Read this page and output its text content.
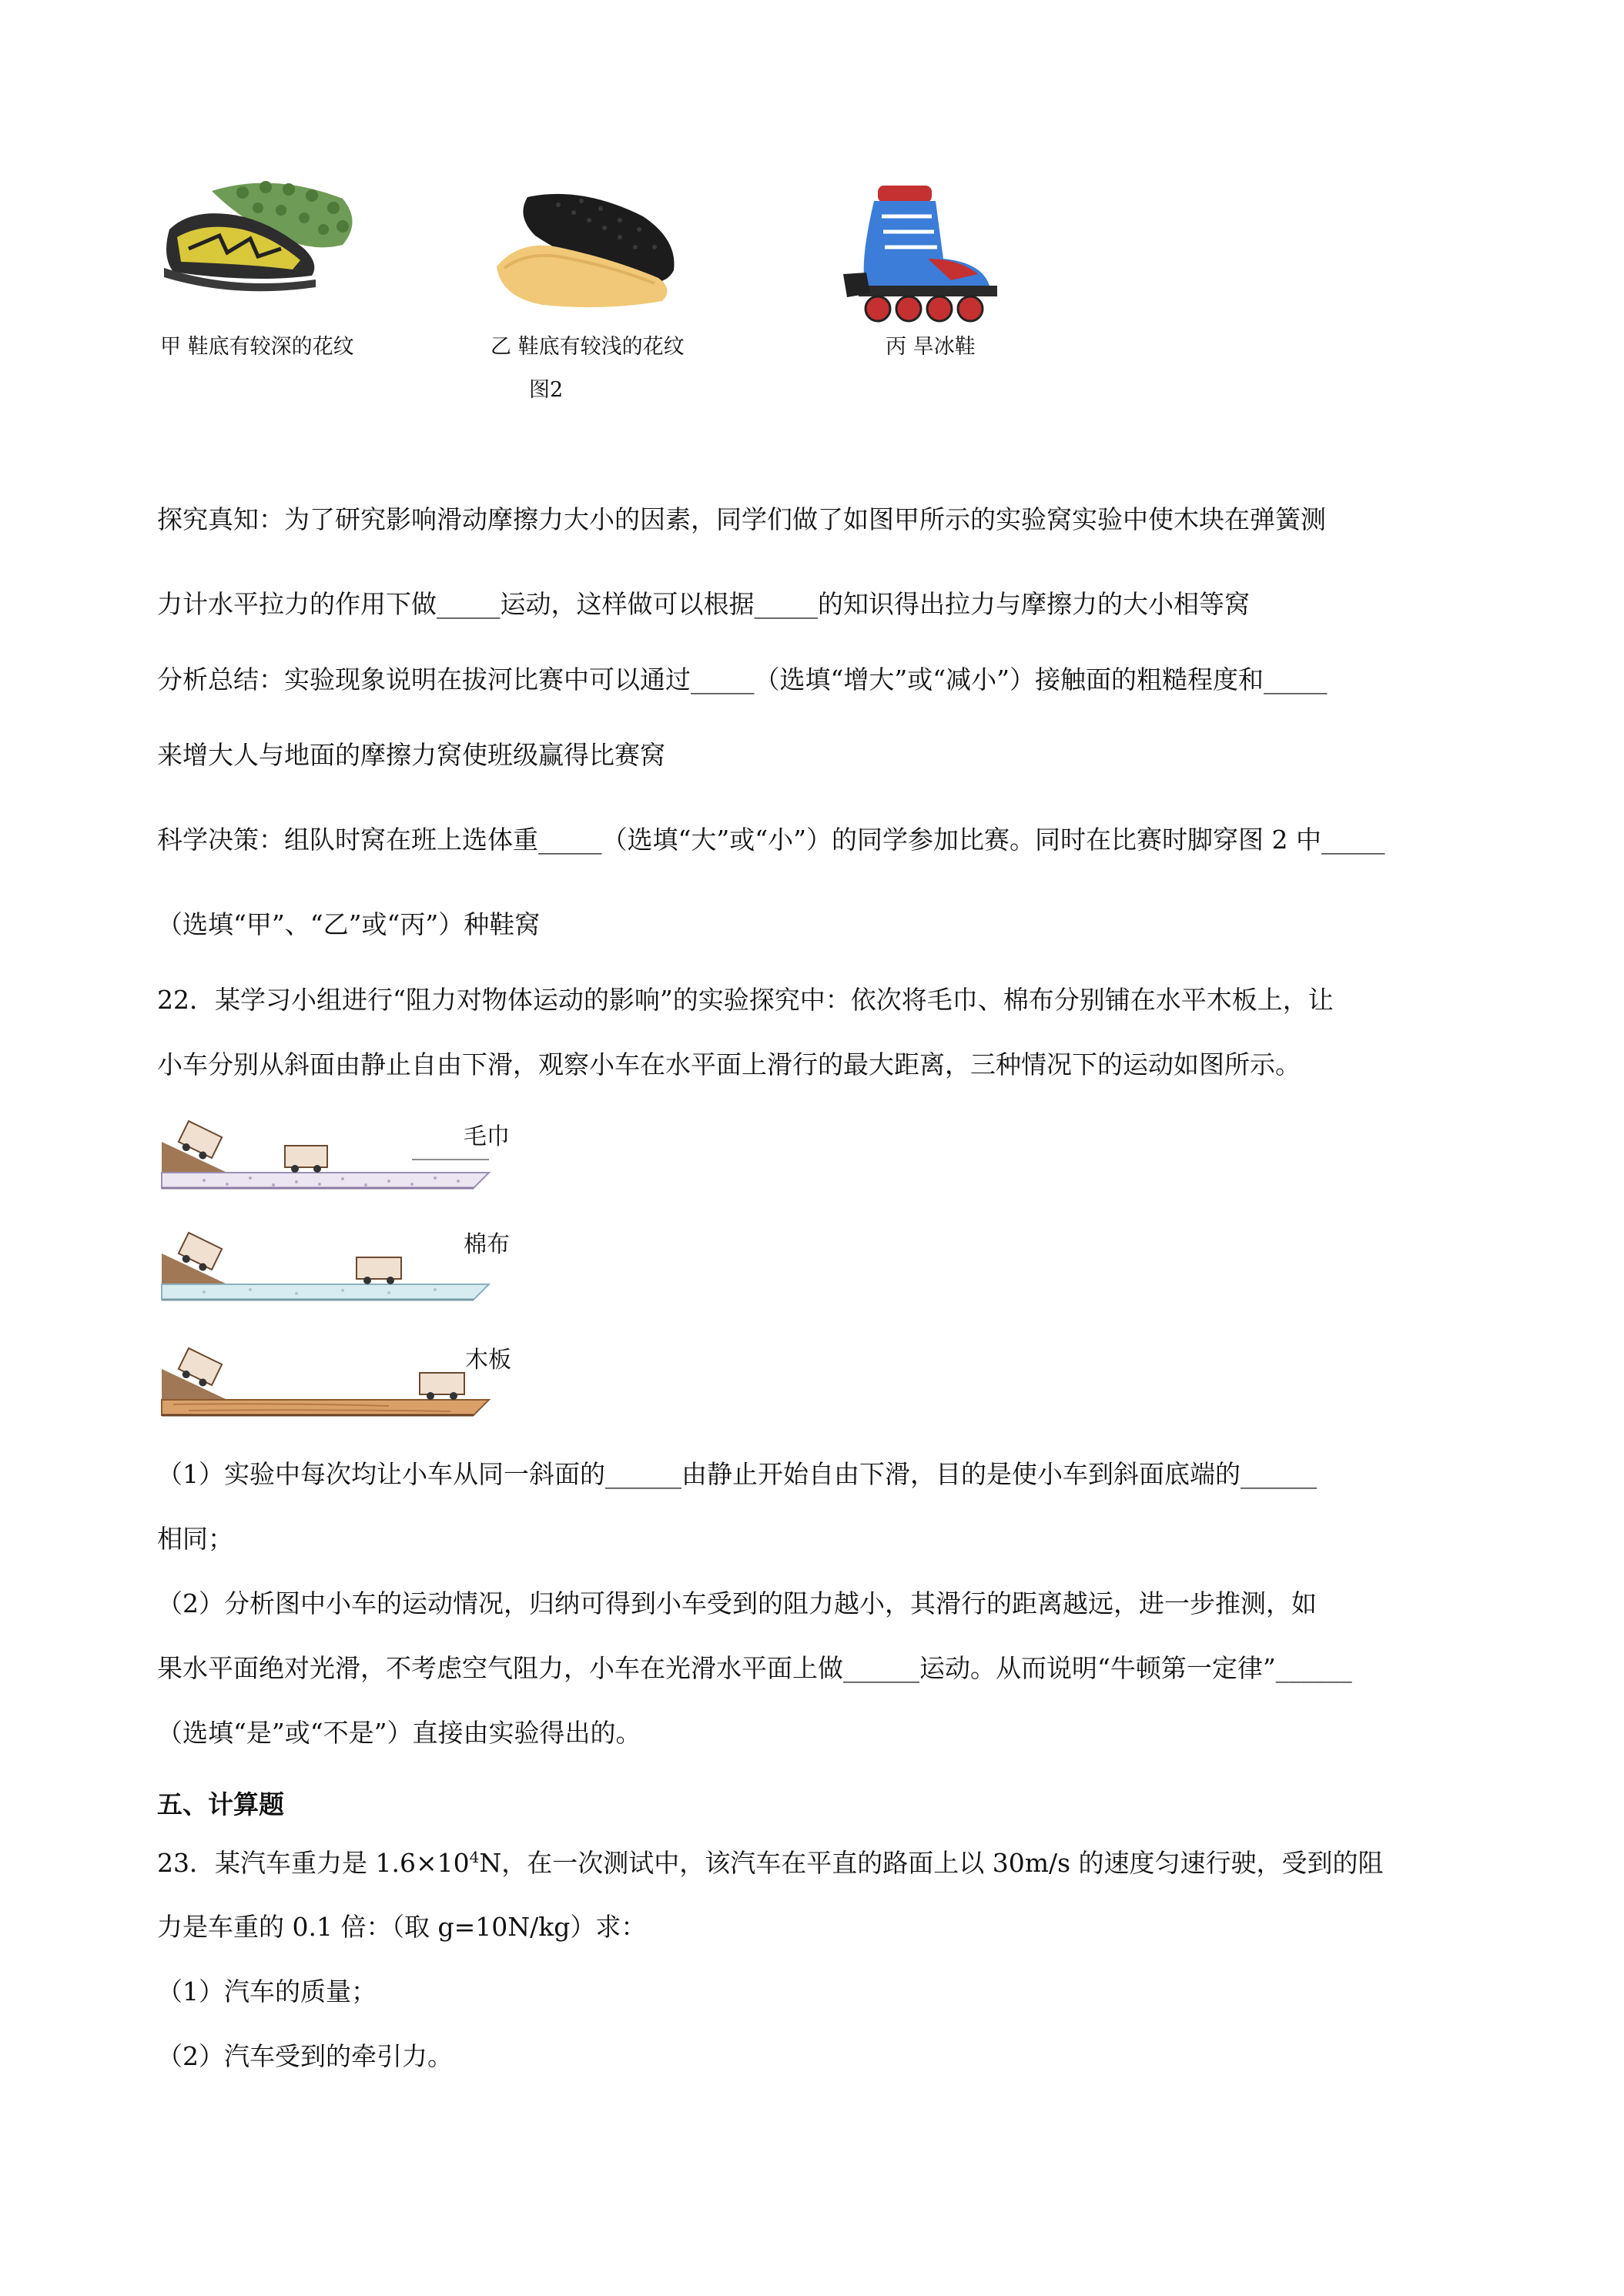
甲 鞋底有较深的花纹	乙 鞋底有较浅的花纹	丙 旱冰鞋
图2
探究真知：为了研究影响滑动摩擦力大小的因素，同学们做了如图甲所示的实验窝实验中使木块在弹簧测
力计水平拉力的作用下做_____运动，这样做可以根据_____的知识得出拉力与摩擦力的大小相等窝
分析总结：实验现象说明在拔河比赛中可以通过_____（选填“增大”或“减小”）接触面的粗糙程度和_____
来增大人与地面的摩擦力窝使班级赢得比赛窝
科学决策：组队时窝在班上选体重_____（选填“大”或“小”）的同学参加比赛。同时在比赛时脚穿图 2 中_____
（选填“甲”、“乙”或“丙”）种鞋窝
22．某学习小组进行“阻力对物体运动的影响”的实验探究中：依次将毛巾、棉布分别铺在水平木板上，让
小车分别从斜面由静止自由下滑，观察小车在水平面上滑行的最大距离，三种情况下的运动如图所示。
毛巾
棉布
木板
（1）实验中每次均让小车从同一斜面的______由静止开始自由下滑，目的是使小车到斜面底端的______
相同；
（2）分析图中小车的运动情况，归纳可得到小车受到的阻力越小，其滑行的距离越远，进一步推测，如
果水平面绝对光滑，不考虑空气阻力，小车在光滑水平面上做______运动。从而说明“牛顿第一定律”______
（选填“是”或“不是”）直接由实验得出的。
五、计算题
23．某汽车重力是 $1.6\times 10^4N$，在一次测试中，该汽车在平直的路面上以 30m/s 的速度匀速行驶，受到的阻
力是车重的 0.1 倍：（取 g=10N/kg）求：
（1）汽车的质量；
（2）汽车受到的牵引力。
